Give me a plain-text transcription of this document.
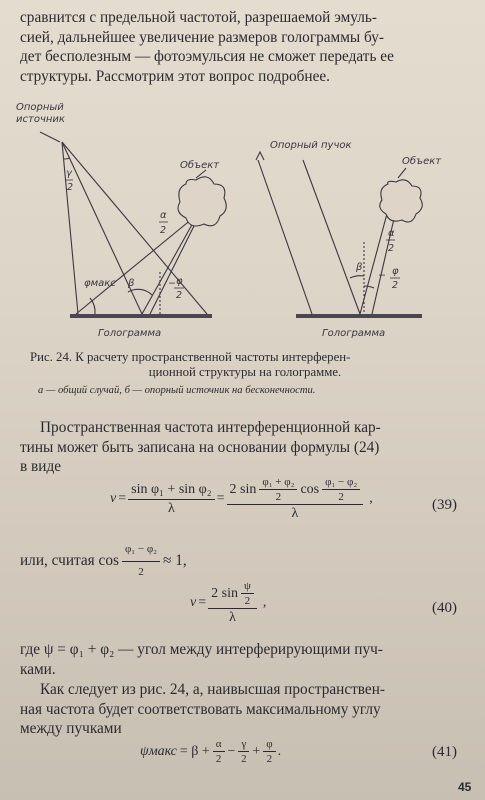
сравнится с предельной частотой, разрешаемой эмуль-
сией, дальнейшее увеличение размеров голограммы бу-
дет бесполезным — фотоэмульсия не сможет передать ее
структуры. Рассмотрим этот вопрос подробнее.
Опорный
источник
Объект
γ
2
α
2
φмакс β	− φ
2
Голограмма
Опорный пучок
Объект
α
2
β
− φ
2
Голограмма
Рис. 24. К расчету пространственной частоты интерферен-
ционной структуры на голограмме.
а — общий случай, б — опорный источник на бесконечности.
Пространственная частота интерференционной кар-
тины может быть записана на основании формулы (24)
в виде
$\nu = \frac{\text{sin φ₁ + sin φ₂}}{\lambda}$ =
2 sin φ₁ + φ₂
2
cos φ₁ − φ₂
2
λ
,	(39)
или, считая $\cos \frac{\text{φ₁ − φ₂}}{2} \approx 1$,
ν = 2 sin ψ
2
λ ,	(40)
где ψ = φ₁ + φ₂ — угол между интерферирующими пуч-
ками.
Как следует из рис. 24, а, наивысшая пространствен-
ная частота будет соответствовать максимальному углу
между пучками
ψмакс = $\beta + \frac{\alpha}{2} - \frac{\gamma}{2} + \frac{\varphi}{2}$ .	(41)
45
